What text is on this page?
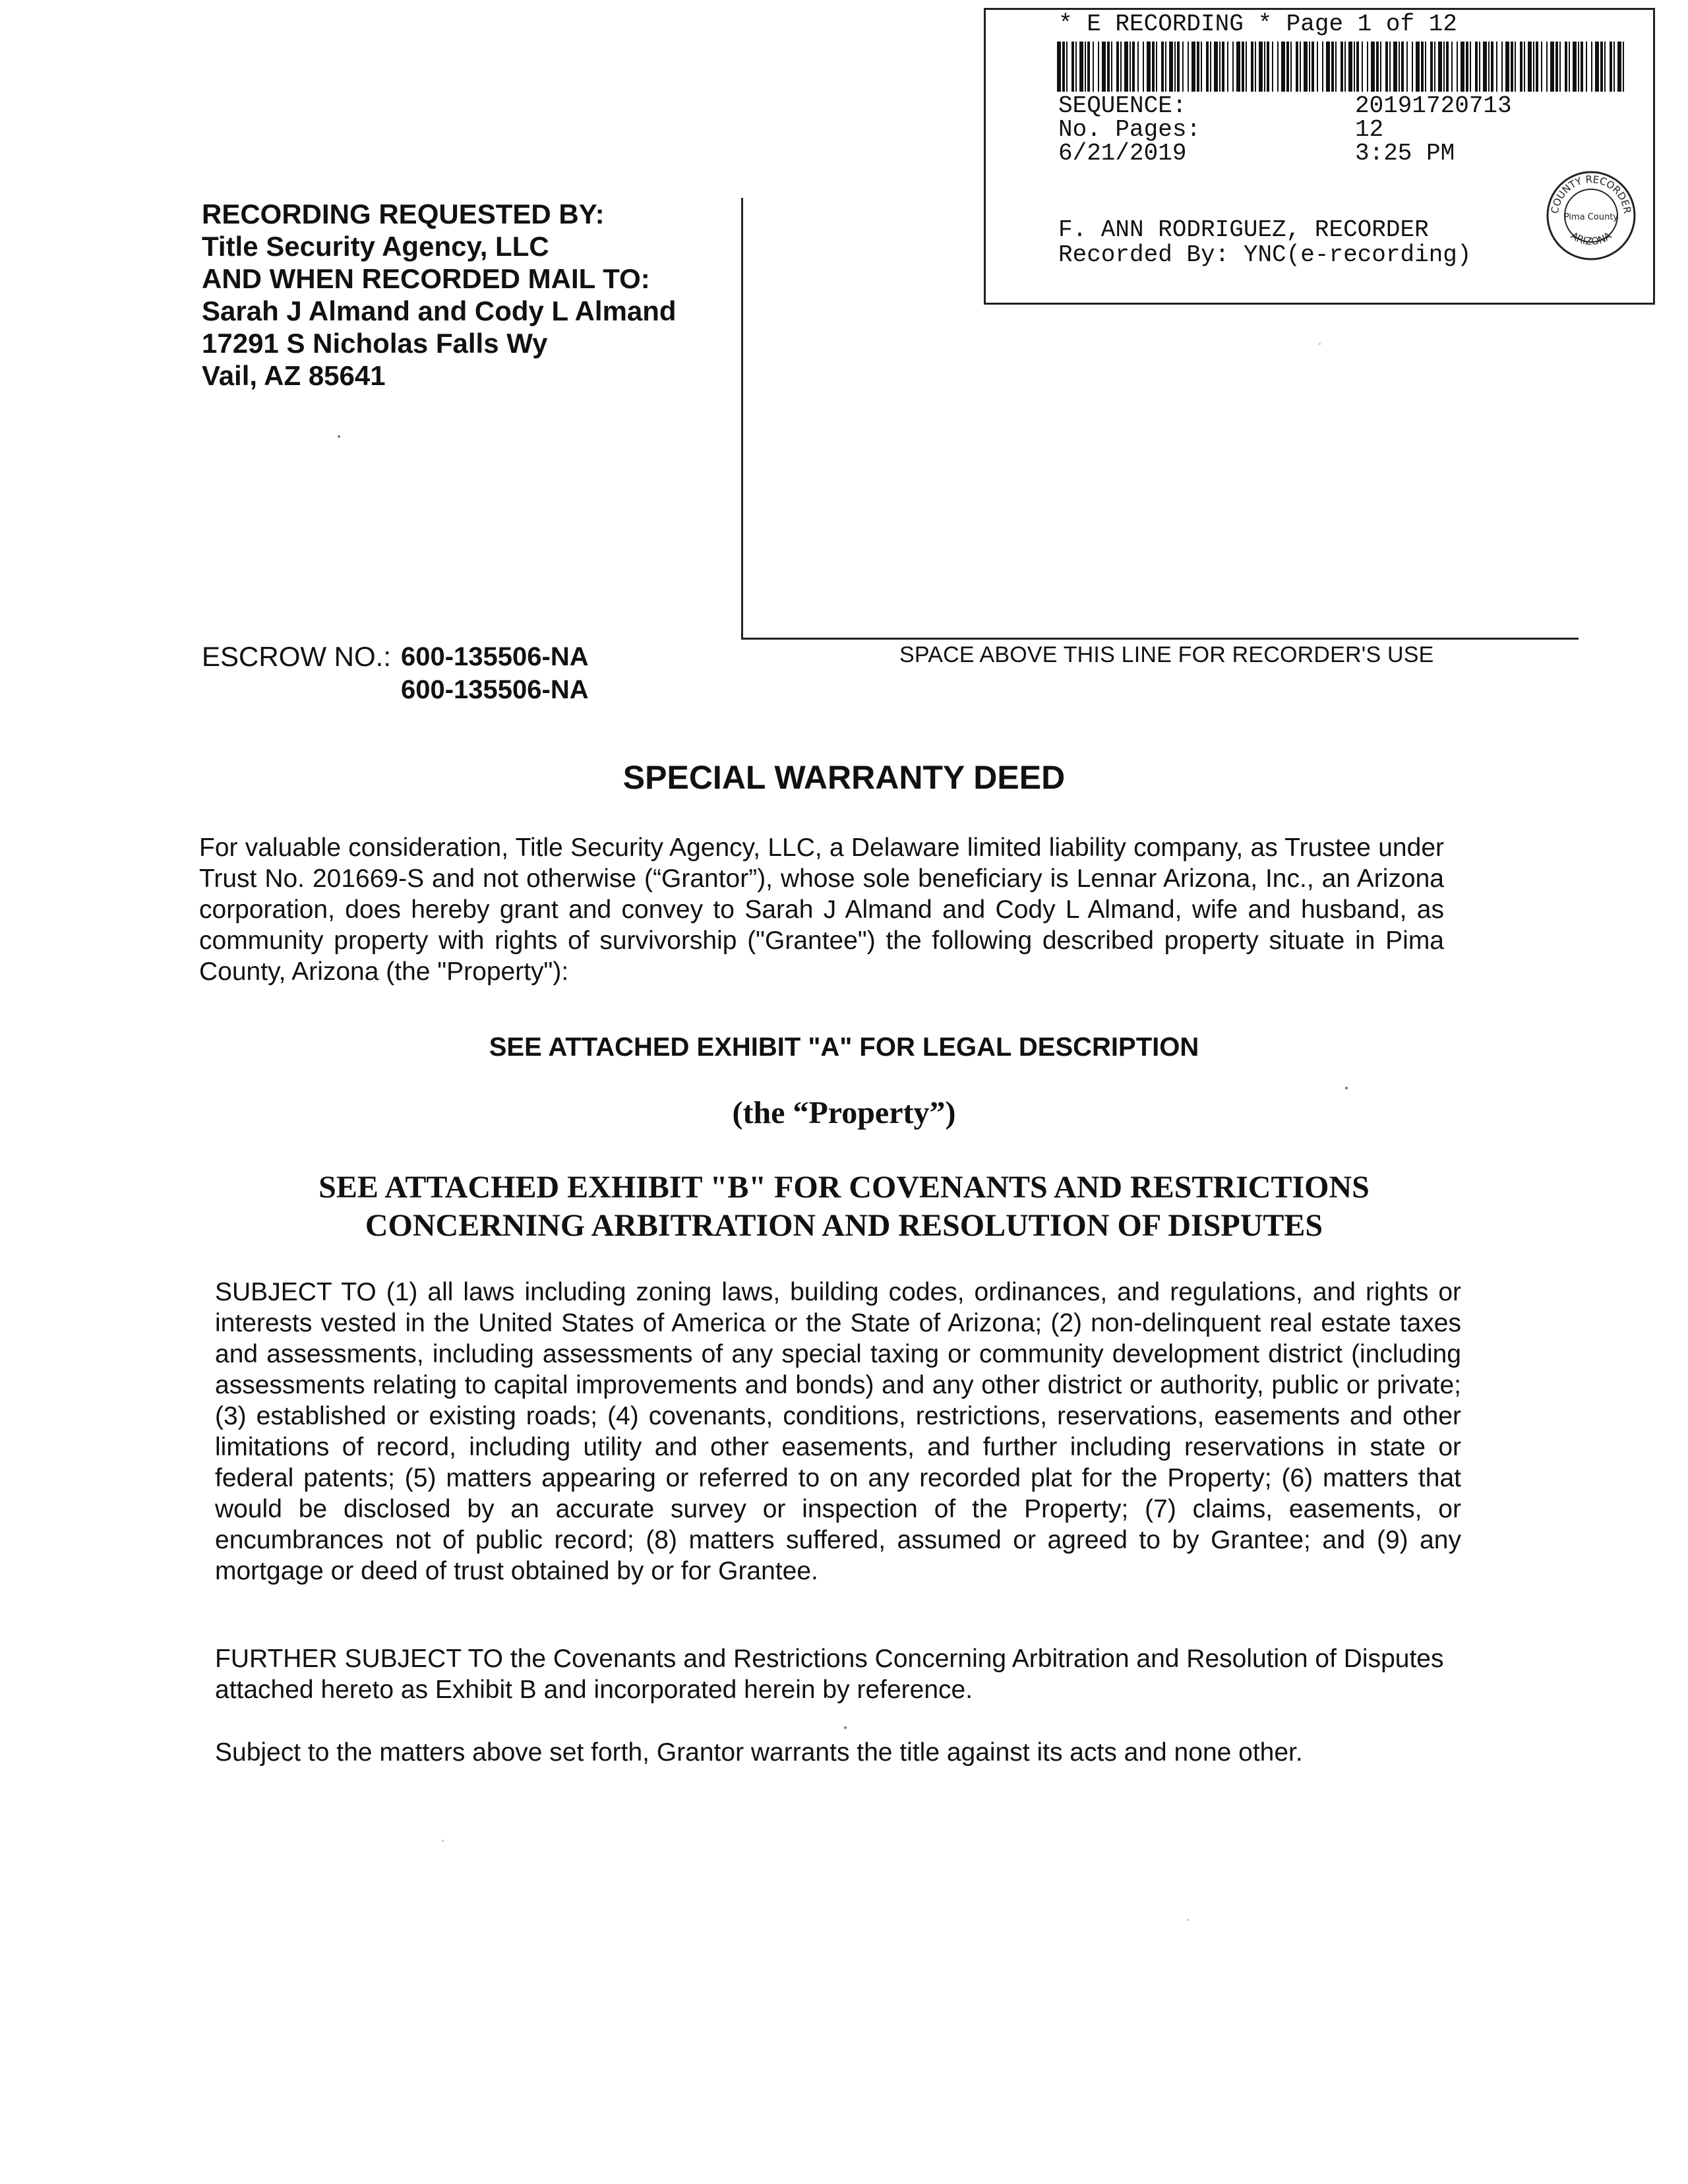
* E RECORDING * Page 1 of 12
SEQUENCE:	20191720713
No. Pages:	12
6/21/2019	3:25 PM
F. ANN RODRIGUEZ, RECORDER
Recorded By: YNC(e-recording)
COUNTY RECORDER
ARIZONA
Pima County
RECORDING REQUESTED BY:
Title Security Agency, LLC
AND WHEN RECORDED MAIL TO:
Sarah J Almand and Cody L Almand
17291 S Nicholas Falls Wy
Vail, AZ 85641
ESCROW NO.: 600-135506-NA
600-135506-NA
SPACE ABOVE THIS LINE FOR RECORDER'S USE
SPECIAL WARRANTY DEED
For valuable consideration, Title Security Agency, LLC, a Delaware limited liability company, as Trustee under Trust No. 201669-S and not otherwise (“Grantor”), whose sole beneficiary is Lennar Arizona, Inc., an Arizona corporation, does hereby grant and convey to Sarah J Almand and Cody L Almand, wife and husband, as community property with rights of survivorship ("Grantee") the following described property situate in Pima County, Arizona (the "Property"):
SEE ATTACHED EXHIBIT "A" FOR LEGAL DESCRIPTION
(the “Property”)
SEE ATTACHED EXHIBIT "B" FOR COVENANTS AND RESTRICTIONS
CONCERNING ARBITRATION AND RESOLUTION OF DISPUTES
SUBJECT TO (1) all laws including zoning laws, building codes, ordinances, and regulations, and rights or interests vested in the United States of America or the State of Arizona; (2) non-delinquent real estate taxes and assessments, including assessments of any special taxing or community development district (including assessments relating to capital improvements and bonds) and any other district or authority, public or private; (3) established or existing roads; (4) covenants, conditions, restrictions, reservations, easements and other limitations of record, including utility and other easements, and further including reservations in state or federal patents; (5) matters appearing or referred to on any recorded plat for the Property; (6) matters that would be disclosed by an accurate survey or inspection of the Property; (7) claims, easements, or encumbrances not of public record; (8) matters suffered, assumed or agreed to by Grantee; and (9) any mortgage or deed of trust obtained by or for Grantee.
FURTHER SUBJECT TO the Covenants and Restrictions Concerning Arbitration and Resolution of Disputes attached hereto as Exhibit B and incorporated herein by reference.
Subject to the matters above set forth, Grantor warrants the title against its acts and none other.
